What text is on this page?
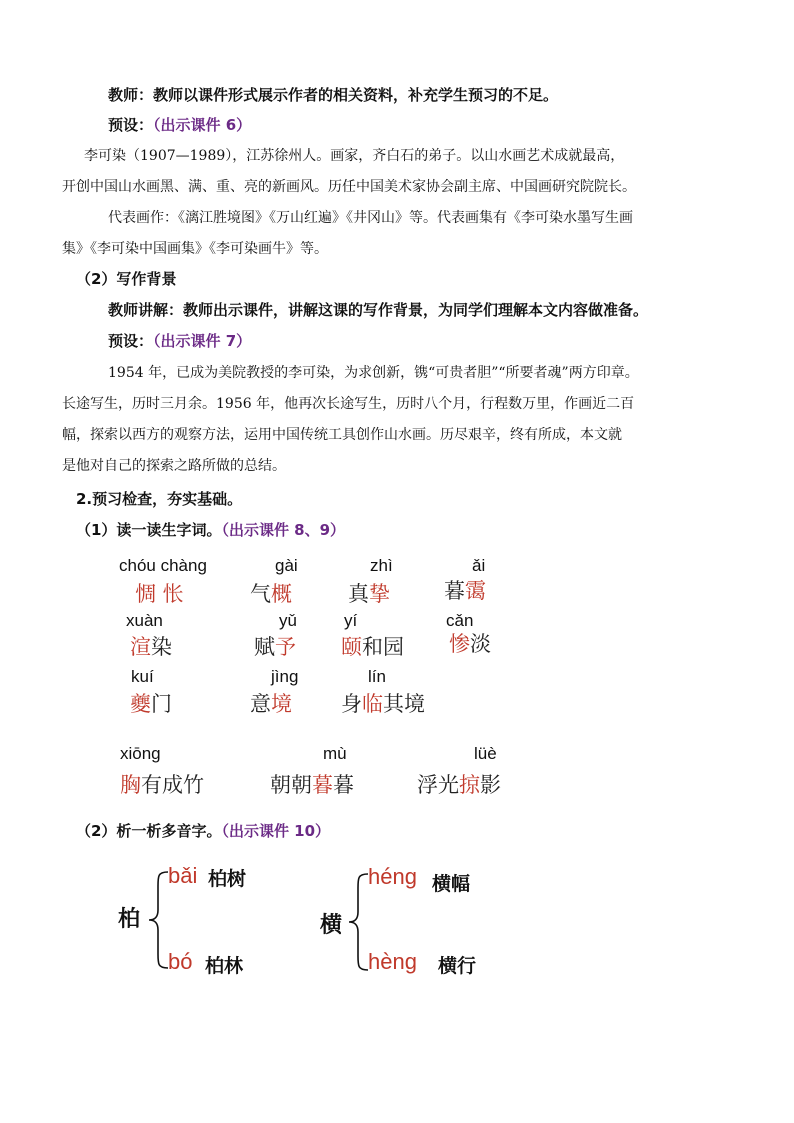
教师：教师以课件形式展示作者的相关资料，补充学生预习的不足。
预设：（出示课件 6）
李可染（1907—1989），江苏徐州人。画家，齐白石的弟子。以山水画艺术成就最高，
开创中国山水画黑、满、重、亮的新画风。历任中国美术家协会副主席、中国画研究院院长。
代表画作：《漓江胜境图》《万山红遍》《井冈山》等。代表画集有《李可染水墨写生画
集》《李可染中国画集》《李可染画牛》等。
（2）写作背景
教师讲解：教师出示课件，讲解这课的写作背景，为同学们理解本文内容做准备。
预设：（出示课件 7）
1954 年，已成为美院教授的李可染，为求创新，镌“可贵者胆”“所要者魂”两方印章。
长途写生，历时三月余。1956 年，他再次长途写生，历时八个月，行程数万里，作画近二百
幅，探索以西方的观察方法，运用中国传统工具创作山水画。历尽艰辛，终有所成，本文就
是他对自己的探索之路所做的总结。
2.预习检查，夯实基础。
（1）读一读生字词。（出示课件 8、9）
chóu chàng
惆 怅
gài
气概
zhì
真挚
ǎi
暮霭
xuàn
渲染
yǔ
赋予
yí
颐和园
cǎn
惨淡
kuí
夔门
jìng
意境
lín
身临其境
xiōng
胸有成竹
mù
朝朝暮暮
lüè
浮光掠影
（2）析一析多音字。（出示课件 10）
柏
bǎi 柏树
bó 柏林
横
héng 横幅
hèng 横行
